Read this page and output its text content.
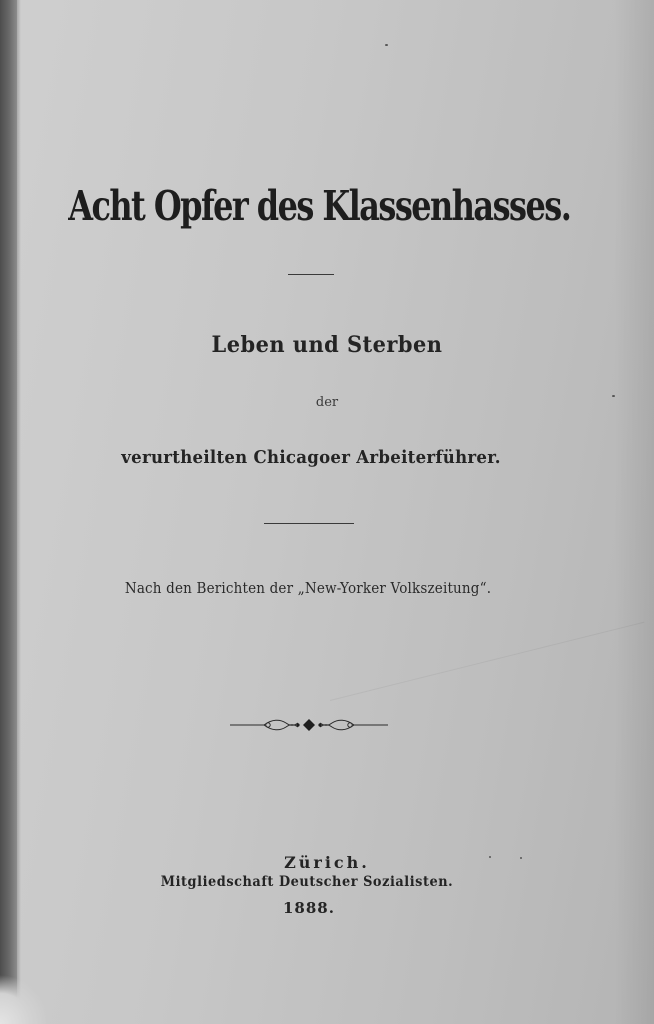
Acht Opfer des Klassenhasses.
Leben und Sterben
der
verurtheilten Chicagoer Arbeiterführer.
Nach den Berichten der „New-Yorker Volkszeitung“.
Zürich.
Mitgliedschaft Deutscher Sozialisten.
1888.
